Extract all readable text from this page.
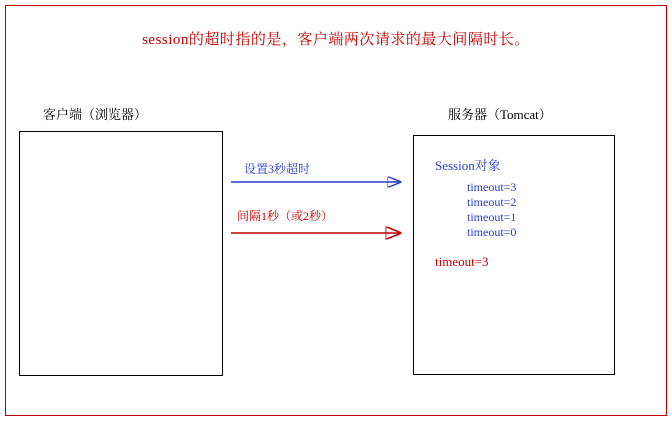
session的超时指的是，客户端两次请求的最大间隔时长。
客户端（浏览器）	服务器（Tomcat）
Session对象
timeout=3
timeout=2
timeout=1
timeout=0
timeout=3
设置3秒超时
间隔1秒（或2秒）
